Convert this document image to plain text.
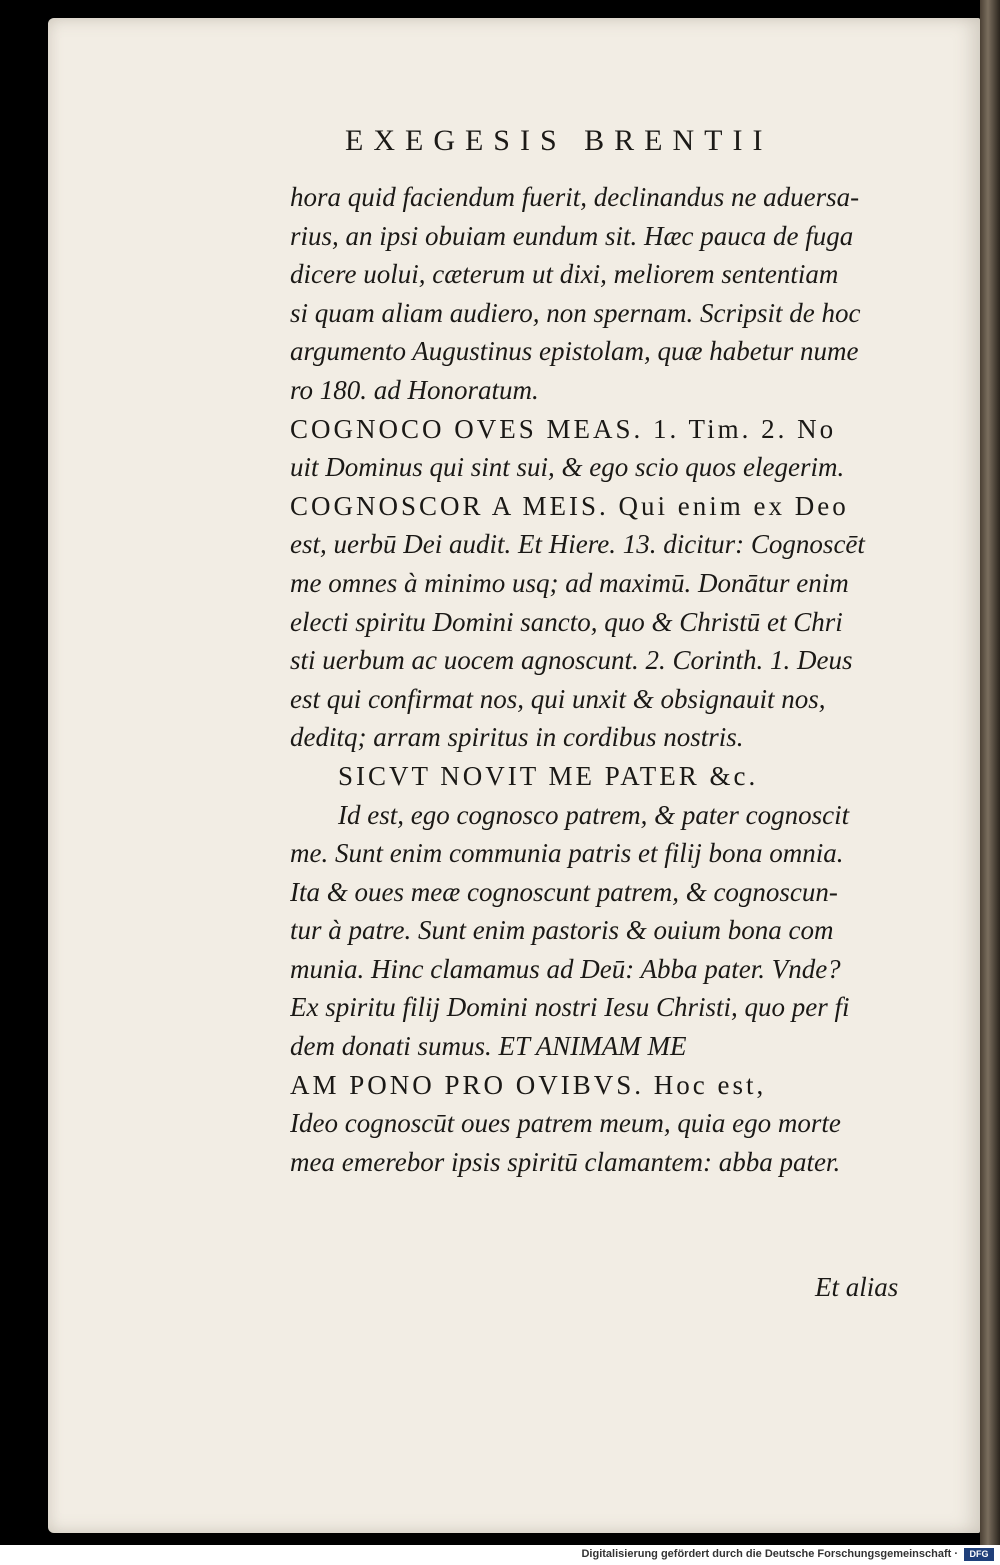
EXEGESIS BRENTII
hora quid faciendum fuerit, declinandus ne aduersa-
rius, an ipsi obuiam eundum sit. Hæc pauca de fuga
dicere uolui, cæterum ut dixi, meliorem sententiam
si quam aliam audiero, non spernam. Scripsit de hoc
argumento Augustinus epistolam, quæ habetur nume
ro 180. ad Honoratum.
COGNOCO OVES MEAS. 1. Tim. 2. No
uit Dominus qui sint sui, & ego scio quos elegerim.
COGNOSCOR A MEIS. Qui enim ex Deo
est, uerbū Dei audit. Et Hiere. 13. dicitur: Cognoscēt
me omnes à minimo usq; ad maximū. Donātur enim
electi spiritu Domini sancto, quo & Christū et Chri
sti uerbum ac uocem agnoscunt. 2. Corinth. 1. Deus
est qui confirmat nos, qui unxit & obsignauit nos,
deditq; arram spiritus in cordibus nostris.
SICVT NOVIT ME PATER &c.
Id est, ego cognosco patrem, & pater cognoscit
me. Sunt enim communia patris et filij bona omnia.
Ita & oues meæ cognoscunt patrem, & cognoscun-
tur à patre. Sunt enim pastoris & ouium bona com
munia. Hinc clamamus ad Deū: Abba pater. Vnde?
Ex spiritu filij Domini nostri Iesu Christi, quo per fi
dem donati sumus. ET ANIMAM ME
AM PONO PRO OVIBVS. Hoc est,
Ideo cognoscūt oues patrem meum, quia ego morte
mea emerebor ipsis spiritū clamantem: abba pater.
Et alias
Digitalisierung gefördert durch die Deutsche Forschungsgemeinschaft ·	DFG
